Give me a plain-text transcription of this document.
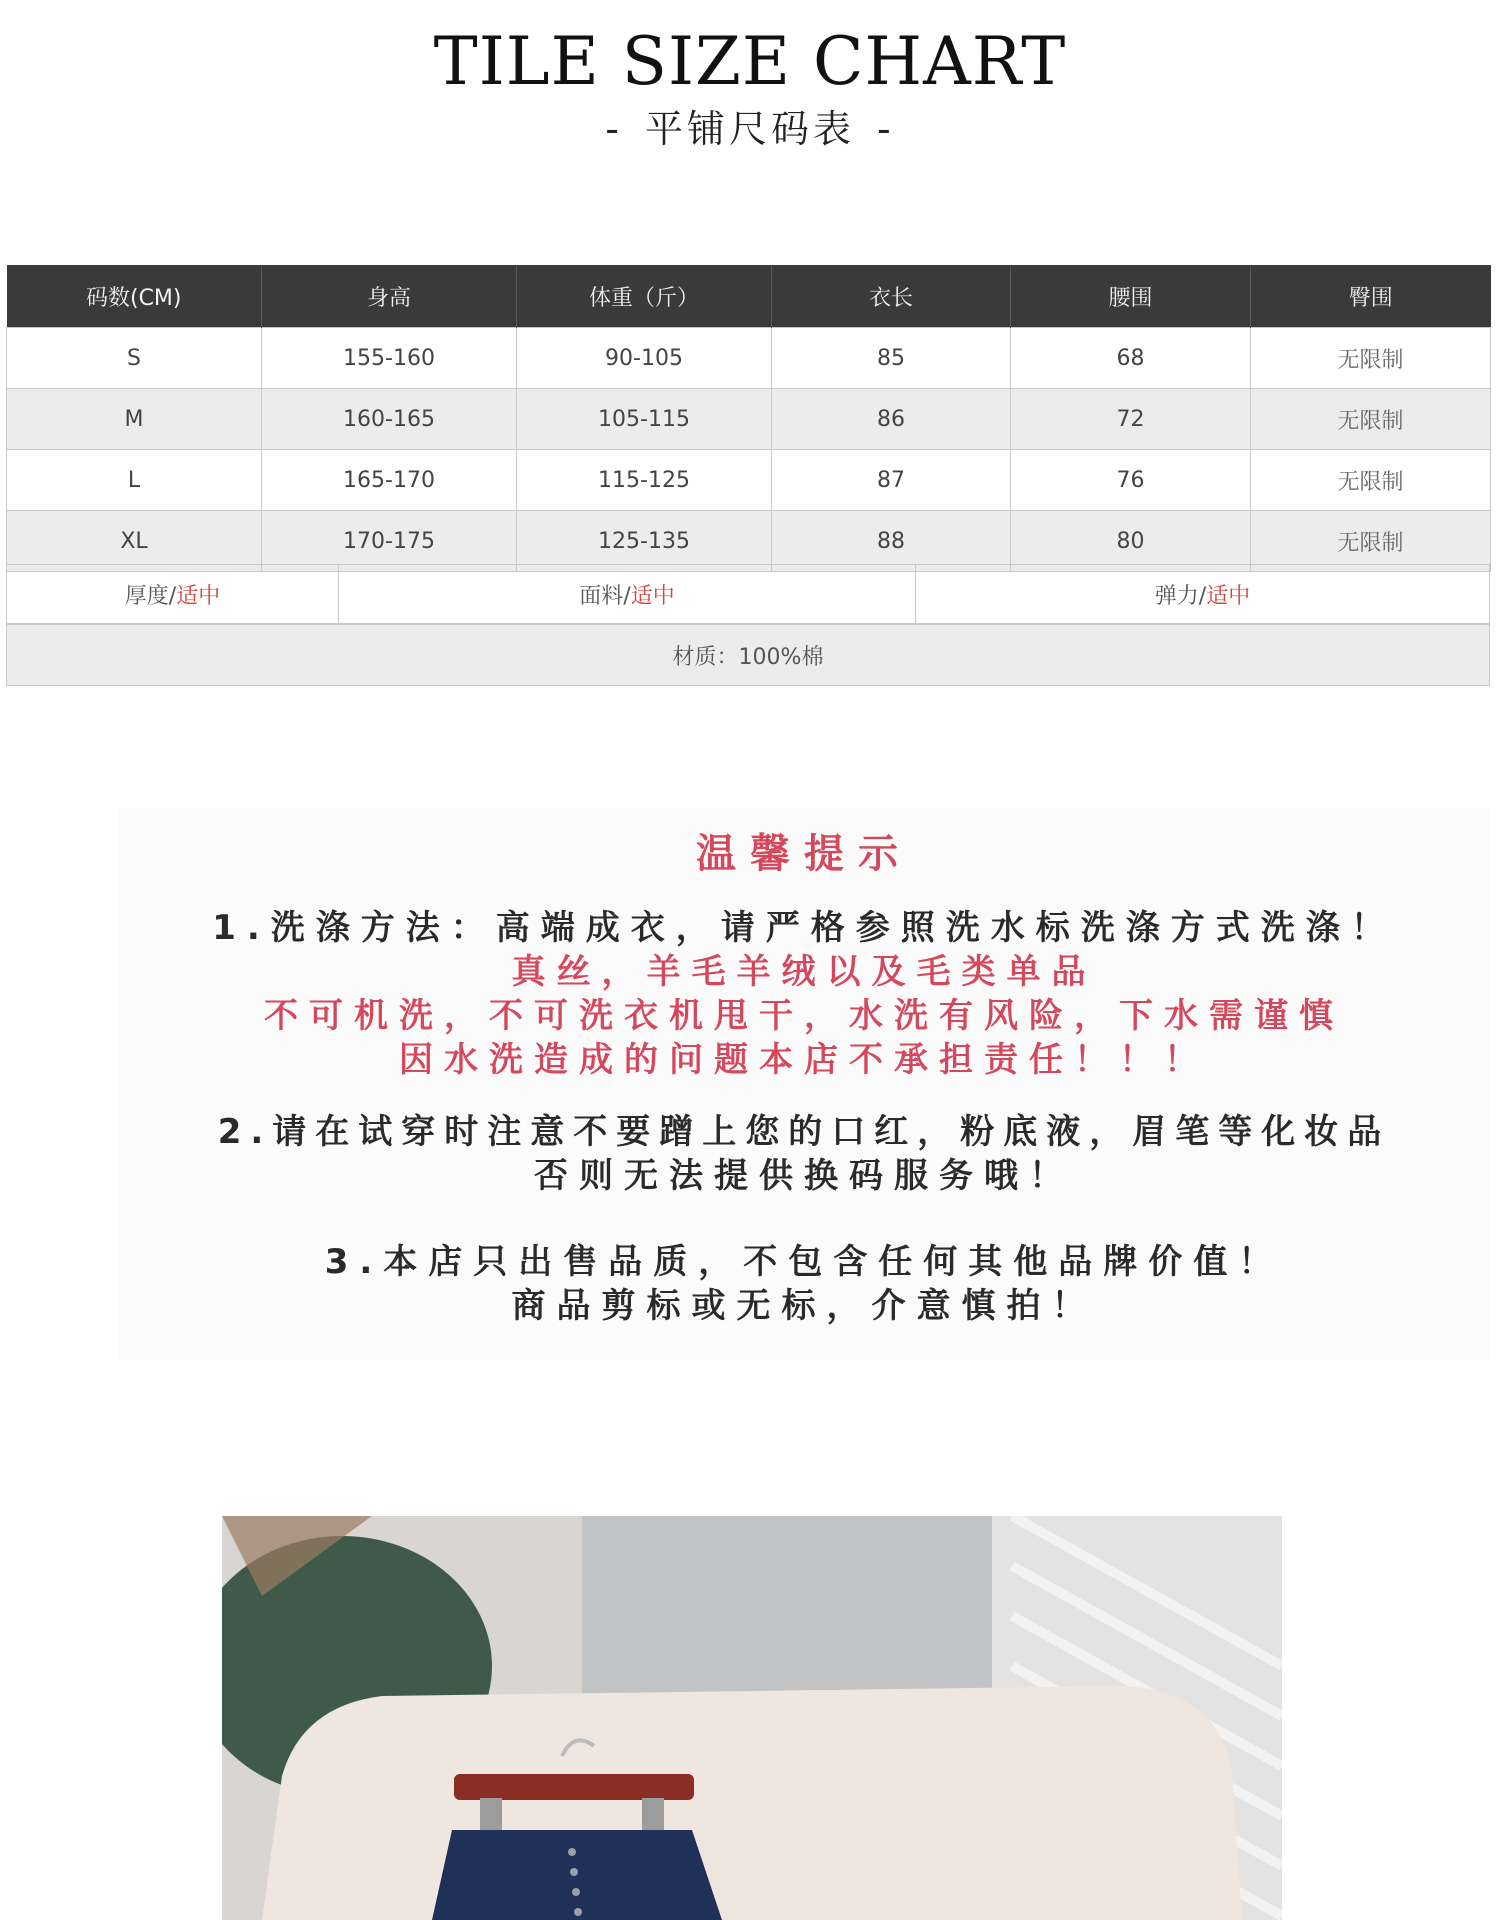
TILE SIZE CHART
- 平铺尺码表 -
码数(CM)	身高	体重（斤）	衣长	腰围	臀围
S	155-160	90-105	85	68	无限制
M	160-165	105-115	86	72	无限制
L	165-170	115-125	87	76	无限制
XL	170-175	125-135	88	80	无限制
厚度/ 适中	面料/ 适中	弹力/ 适中
材质：100%棉
温馨提示
1.洗涤方法：高端成衣，请严格参照洗水标洗涤方式洗涤！
真丝，羊毛羊绒以及毛类单品
不可机洗，不可洗衣机甩干，水洗有风险，下水需谨慎
因水洗造成的问题本店不承担责任！！！
2.请在试穿时注意不要蹭上您的口红，粉底液，眉笔等化妆品
否则无法提供换码服务哦！
3.本店只出售品质，不包含任何其他品牌价值！
商品剪标或无标，介意慎拍！
